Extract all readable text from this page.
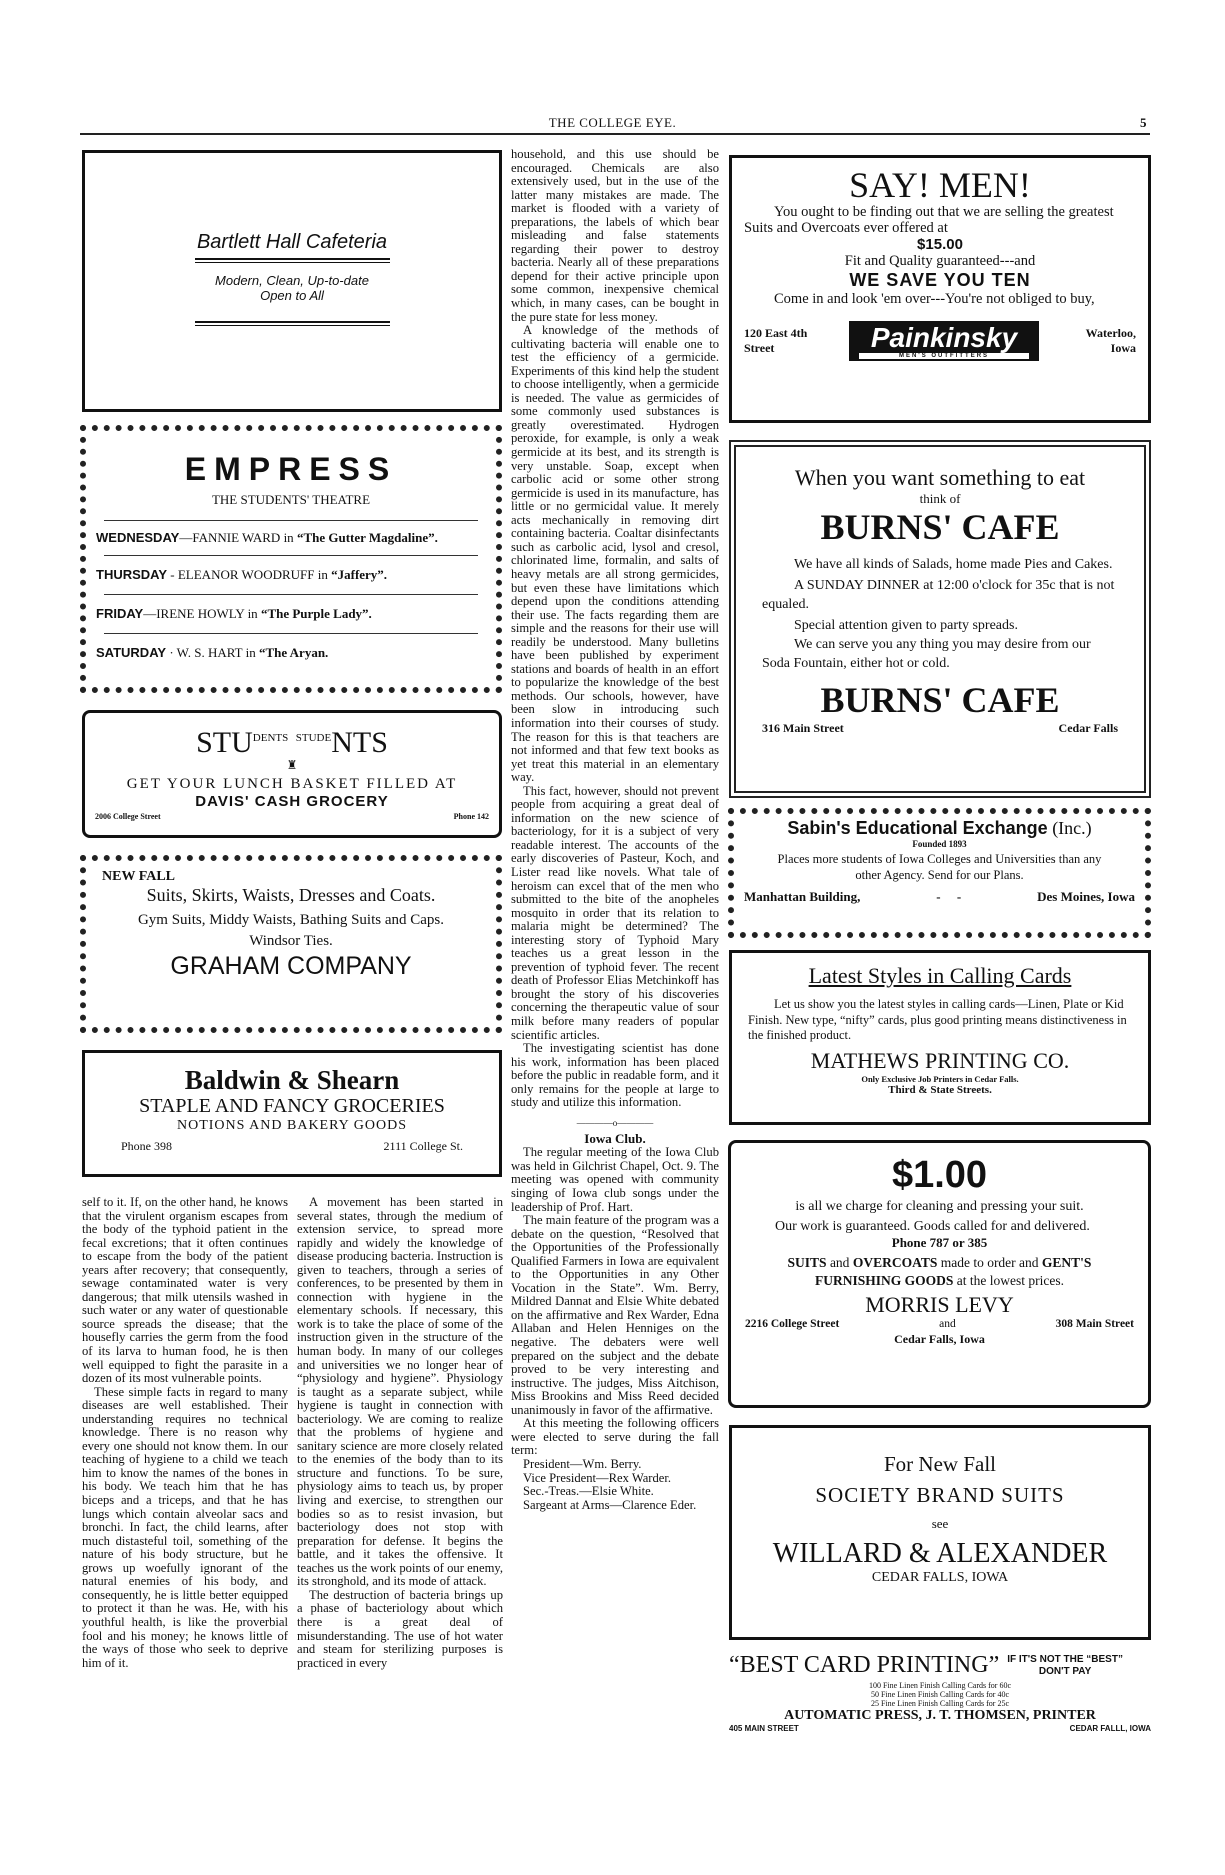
THE COLLEGE EYE.	5
Bartlett Hall Cafeteria
Modern, Clean, Up-to-date
Open to All
EMPRESS
THE STUDENTS' THEATRE
WEDNESDAY—FANNIE WARD in “The Gutter Magdaline”.
THURSDAY - ELEANOR WOODRUFF in “Jaffery”.
FRIDAY—IRENE HOWLY in “The Purple Lady”.
SATURDAY · W. S. HART in “The Aryan.
$STU^{DENTS}$ $^{STUDE}$NTS
♜
GET YOUR LUNCH BASKET FILLED AT
DAVIS' CASH GROCERY
2006 College Street	Phone 142
NEW FALL
Suits, Skirts, Waists, Dresses and Coats.
Gym Suits, Middy Waists, Bathing Suits and Caps.
Windsor Ties.
GRAHAM COMPANY
Baldwin & Shearn
STAPLE AND FANCY GROCERIES
NOTIONS AND BAKERY GOODS
Phone 398	2111 College St.

self to it. If, on the other hand, he knows that the virulent organism escapes from the body of the typhoid patient in the fecal excretions; that it often continues to escape from the body of the patient years after recovery; that consequently, sewage contaminated water is very dangerous; that milk utensils washed in such water or any water of questionable source spreads the disease; that the housefly carries the germ from the food of its larva to human food, he is then well equipped to fight the parasite in a dozen of its most vulnerable points.

These simple facts in regard to many diseases are well established. Their understanding requires no technical knowledge. There is no reason why every one should not know them. In our teaching of hygiene to a child we teach him to know the names of the bones in his body. We teach him that he has biceps and a triceps, and that he has lungs which contain alveolar sacs and bronchi. In fact, the child learns, after much distasteful toil, something of the nature of his body structure, but he grows up woefully ignorant of the natural enemies of his body, and consequently, he is little better equipped to protect it than he was. He, with his youthful health, is like the proverbial fool and his money; he knows little of the ways of those who seek to deprive him of it.

A movement has been started in several states, through the medium of extension service, to spread more rapidly and widely the knowledge of disease producing bacteria. Instruction is given to teachers, through a series of conferences, to be presented by them in connection with hygiene in the elementary schools. If necessary, this work is to take the place of some of the instruction given in the structure of the human body. In many of our colleges and universities we no longer hear of “physiology and hygiene”. Physiology is taught as a separate subject, while hygiene is taught in connection with bacteriology. We are coming to realize that the problems of hygiene and sanitary science are more closely related to the enemies of the body than to its structure and functions. To be sure, physiology aims to teach us, by proper living and exercise, to strengthen our bodies so as to resist invasion, but bacteriology does not stop with preparation for defense. It begins the battle, and it takes the offensive. It teaches us the work points of our enemy, its stronghold, and its mode of attack.

The destruction of bacteria brings up a phase of bacteriology about which there is a great deal of misunderstanding. The use of hot water and steam for sterilizing purposes is practiced in every

household, and this use should be encouraged. Chemicals are also extensively used, but in the use of the latter many mistakes are made. The market is flooded with a variety of preparations, the labels of which bear misleading and false statements regarding their power to destroy bacteria. Nearly all of these preparations depend for their active principle upon some common, inexpensive chemical which, in many cases, can be bought in the pure state for less money.

A knowledge of the methods of cultivating bacteria will enable one to test the efficiency of a germicide. Experiments of this kind help the student to choose intelligently, when a germicide is needed. The value as germicides of some commonly used substances is greatly overestimated. Hydrogen peroxide, for example, is only a weak germicide at its best, and its strength is very unstable. Soap, except when carbolic acid or some other strong germicide is used in its manufacture, has little or no germicidal value. It merely acts mechanically in removing dirt containing bacteria. Coaltar disinfectants such as carbolic acid, lysol and cresol, chlorinated lime, formalin, and salts of heavy metals are all strong germicides, but even these have limitations which depend upon the conditions attending their use. The facts regarding them are simple and the reasons for their use will readily be understood. Many bulletins have been published by experiment stations and boards of health in an effort to popularize the knowledge of the best methods. Our schools, however, have been slow in introducing such information into their courses of study. The reason for this is that teachers are not informed and that few text books as yet treat this material in an elementary way.

This fact, however, should not prevent people from acquiring a great deal of information on the new science of bacteriology, for it is a subject of very readable interest. The accounts of the early discoveries of Pasteur, Koch, and Lister read like novels. What tale of heroism can excel that of the men who submitted to the bite of the anopheles mosquito in order that its relation to malaria might be determined? The interesting story of Typhoid Mary teaches us a great lesson in the prevention of typhoid fever. The recent death of Professor Elias Metchinkoff has brought the story of his discoveries concerning the therapeutic value of sour milk before many readers of popular scientific articles.

The investigating scientist has done his work, information has been placed before the public in readable form, and it only remains for the people at large to study and utilize this information.

――――o――――
Iowa Club.

The regular meeting of the Iowa Club was held in Gilchrist Chapel, Oct. 9. The meeting was opened with community singing of Iowa club songs under the leadership of Prof. Hart.

The main feature of the program was a debate on the question, “Resolved that the Opportunities of the Professionally Qualified Farmers in Iowa are equivalent to the Opportunities in any Other Vocation in the State”. Wm. Berry, Mildred Dannat and Elsie White debated on the affirmative and Rex Warder, Edna Allaban and Helen Henniges on the negative. The debaters were well prepared on the subject and the debate proved to be very interesting and instructive. The judges, Miss Aitchison, Miss Brookins and Miss Reed decided unanimously in favor of the affirmative.

At this meeting the following officers were elected to serve during the fall term:

President—Wm. Berry.

Vice President—Rex Warder.

Sec.-Treas.—Elsie White.

Sargeant at Arms—Clarence Eder.

SAY! MEN!
You ought to be finding out that we are selling the greatest Suits and Overcoats ever offered at
$15.00
Fit and Quality guaranteed---and
WE SAVE YOU TEN
Come in and look 'em over---You're not obliged to buy,
120 East 4th Street	Painkinsky
MEN'S OUTFITTERS
Waterloo, Iowa
When you want something to eat
think of
BURNS' CAFE
We have all kinds of Salads, home made Pies and Cakes.
A SUNDAY DINNER at 12:00 o'clock for 35c that is not equaled.
Special attention given to party spreads.
We can serve you any thing you may desire from our Soda Fountain, either hot or cold.
BURNS' CAFE
316 Main Street	Cedar Falls
Sabin's Educational Exchange (Inc.)
Founded 1893
Places more students of Iowa Colleges and Universities than any other Agency. Send for our Plans.
Manhattan Building,	-     -	Des Moines, Iowa
Latest Styles in Calling Cards
Let us show you the latest styles in calling cards—Linen, Plate or Kid Finish. New type, “nifty” cards, plus good printing means distinctiveness in the finished product.
MATHEWS PRINTING CO.
Only Exclusive Job Printers in Cedar Falls.
Third & State Streets.
$1.00
is all we charge for cleaning and pressing your suit.
Our work is guaranteed. Goods called for and delivered.
Phone 787 or 385
SUITS and OVERCOATS made to order and GENT'S FURNISHING GOODS at the lowest prices.
MORRIS LEVY
2216 College Street	and	308 Main Street
Cedar Falls, Iowa
For New Fall
SOCIETY BRAND SUITS
see
WILLARD & ALEXANDER
CEDAR FALLS, IOWA
“BEST CARD PRINTING” IF IT'S NOT THE “BEST”
DON'T PAY
100 Fine Linen Finish Calling Cards for 60c
50 Fine Linen Finish Calling Cards for 40c
25 Fine Linen Finish Calling Cards for 25c
AUTOMATIC PRESS, J. T. THOMSEN, PRINTER
405 MAIN STREET	CEDAR FALLL, IOWA
